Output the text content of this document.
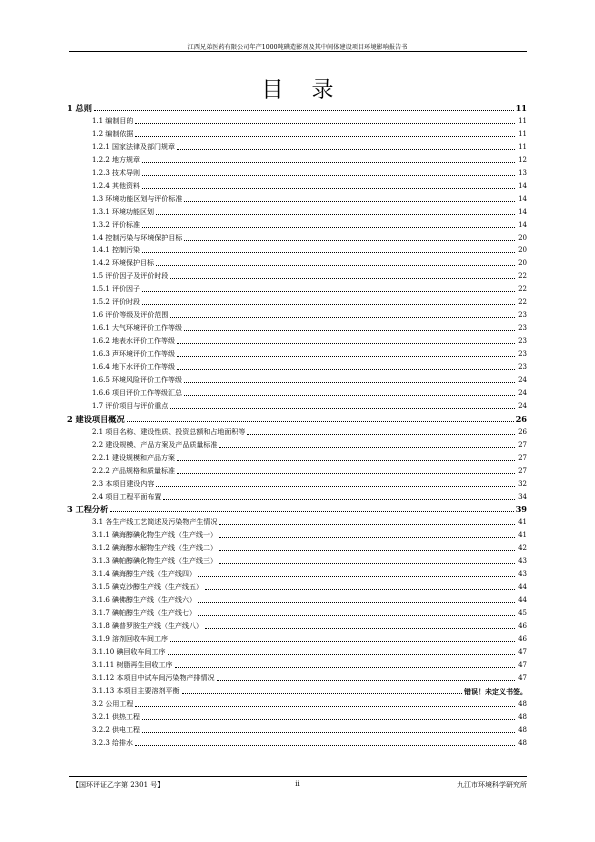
江西兄弟医药有限公司年产1000吨碘造影剂及其中间体建设项目环境影响报告书
目    录
1 总则	11
1.1 编制目的	11
1.2 编制依据	11
1.2.1 国家法律及部门规章	11
1.2.2 地方规章	12
1.2.3 技术导则	13
1.2.4 其他资料	14
1.3 环境功能区划与评价标准	14
1.3.1 环境功能区划	14
1.3.2 评价标准	14
1.4 控制污染与环境保护目标	20
1.4.1 控制污染	20
1.4.2 环境保护目标	20
1.5 评价因子及评价时段	22
1.5.1 评价因子	22
1.5.2 评价时段	22
1.6 评价等级及评价范围	23
1.6.1 大气环境评价工作等级	23
1.6.2 地表水评价工作等级	23
1.6.3 声环境评价工作等级	23
1.6.4 地下水评价工作等级	23
1.6.5 环境风险评价工作等级	24
1.6.6 项目评价工作等级汇总	24
1.7 评价项目与评价重点	24
2 建设项目概况	26
2.1 项目名称、建设性质、投资总额和占地面积等	26
2.2 建设规模、产品方案及产品质量标准	27
2.2.1 建设规模和产品方案	27
2.2.2 产品规格和质量标准	27
2.3 本项目建设内容	32
2.4 项目工程平面布置	34
3 工程分析	39
3.1 各生产线工艺简述及污染物产生情况	41
3.1.1 碘海醇碘化物生产线（生产线一）	41
3.1.2 碘海醇水解物生产线（生产线二）	42
3.1.3 碘帕醇碘化物生产线（生产线三）	43
3.1.4 碘海醇生产线（生产线四）	43
3.1.5 碘克沙醇生产线（生产线五）	44
3.1.6 碘佛醇生产线（生产线六）	44
3.1.7 碘帕醇生产线（生产线七）	45
3.1.8 碘普罗胺生产线（生产线八）	46
3.1.9 溶剂回收车间工序	46
3.1.10 碘回收车间工序	47
3.1.11 树脂再生回收工序	47
3.1.12 本项目中试车间污染物产排情况	47
3.1.13 本项目主要溶剂平衡	错误！未定义书签。
3.2 公用工程	48
3.2.1 供热工程	48
3.2.2 供电工程	48
3.2.3 给排水	48
【国环评证乙字第 2301 号】	ii	九江市环境科学研究所
